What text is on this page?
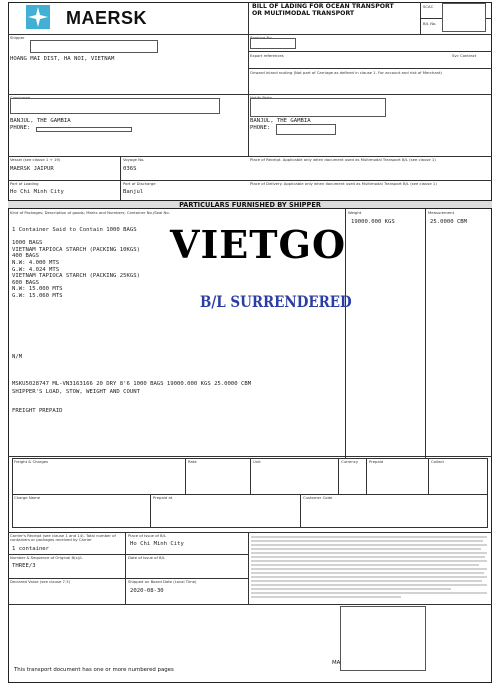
MAERSK
BILL OF LADING FOR OCEAN TRANSPORT
OR MULTIMODAL TRANSPORT
SCAC
B/L No.
Shipper
HOANG MAI DIST, HA NOI, VIETNAM
Export references	Svc Contract
Onward inland routing (Not part of Carriage as defined in clause 1. For account and risk of Merchant)
BANJUL, THE GAMBIA
PHONE:
BANJUL, THE GAMBIA
PHONE:
Vessel (see clause 1 + 19)
MAERSK JAIPUR
Voyage No.
036S
Place of Receipt. Applicable only when document used as Multimodal Transport B/L (see clause 1)
Port of Loading
Ho Chi Minh City
Port of Discharge
Banjul
Place of Delivery. Applicable only when document used as Multimodal Transport B/L (see clause 1)
PARTICULARS FURNISHED BY SHIPPER
Kind of Packages; Description of goods; Marks and Numbers; Container No./Seal No.	Weight	Measurement
19000.000 KGS	25.0000 CBM
1 Container Said to Contain 1000 BAGS
1000 BAGS
VIETNAM TAPIOCA STARCH (PACKING 10KGS)
400 BAGS
N.W: 4.000 MTS
G.W: 4.024 MTS
VIETNAM TAPIOCA STARCH (PACKING 25KGS)
600 BAGS
N.W: 15.000 MTS
G.W: 15.060 MTS
VIETGO
B/L SURRENDERED
N/M
MSKU5028747 ML-VN3163166 20 DRY 8'6 1000 BAGS 19000.000 KGS 25.0000 CBM
SHIPPER'S LOAD, STOW, WEIGHT AND COUNT
FREIGHT PREPAID
Freight & Charges	Rate	Unit	Currency	Prepaid	Collect
Charge Name	Prepaid at	Customer Code
Carrier's Receipt (see clause 1 and 14). Total number of containers or packages received by Carrier
1 container
Place of Issue of B/L
Ho Chi Minh City
Number & Sequence of Original B(s)/L
THREE/3
Date of Issue of B/L
Declared Value (see clause 7.3)	Shipped on Board Date (Local Time)
2020-08-30
MA
This transport document has one or more numbered pages
